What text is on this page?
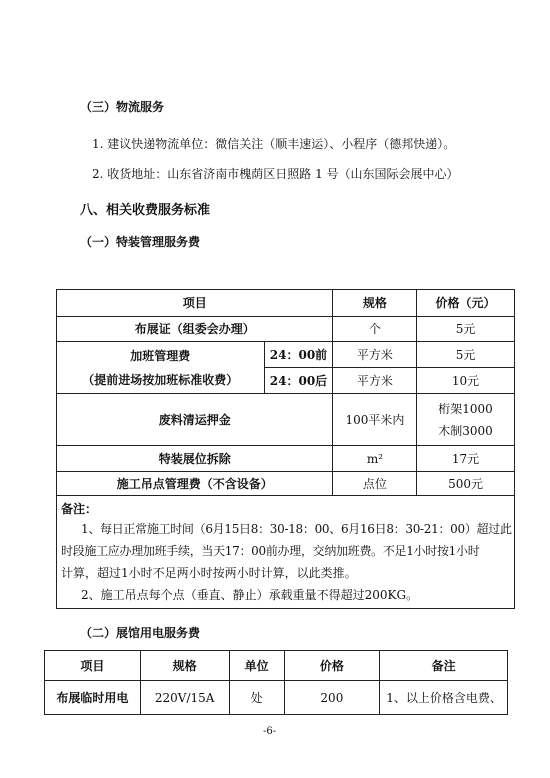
（三）物流服务
1. 建议快递物流单位：微信关注（顺丰速运）、小程序（德邦快递）。
2. 收货地址：山东省济南市槐荫区日照路 1 号（山东国际会展中心）
八、相关收费服务标准
（一）特装管理服务费
项目		规格	价格（元）
布展证（组委会办理）		个	5元

加班管理费
（提前进场按加班标准收费）	24：00前	平方米	5元
	24：00后	平方米	10元
废料清运押金		100平米内	桁架1000
木制3000

特装展位拆除		m²	17元
施工吊点管理费（不含设备）		点位	500元

备注：
1、每日正常施工时间（6月15日8：30-18：00、6月16日8：30-21：00）超过此
时段施工应办理加班手续，当天17：00前办理，交纳加班费。不足1小时按1小时
计算，超过1小时不足两小时按两小时计算，以此类推。
2、施工吊点每个点（垂直、静止）承载重量不得超过200KG。			
（二）展馆用电服务费
项目	规格	单位	价格	备注
布展临时用电	220V/15A	处	200	1、以上价格含电费、
-6-
